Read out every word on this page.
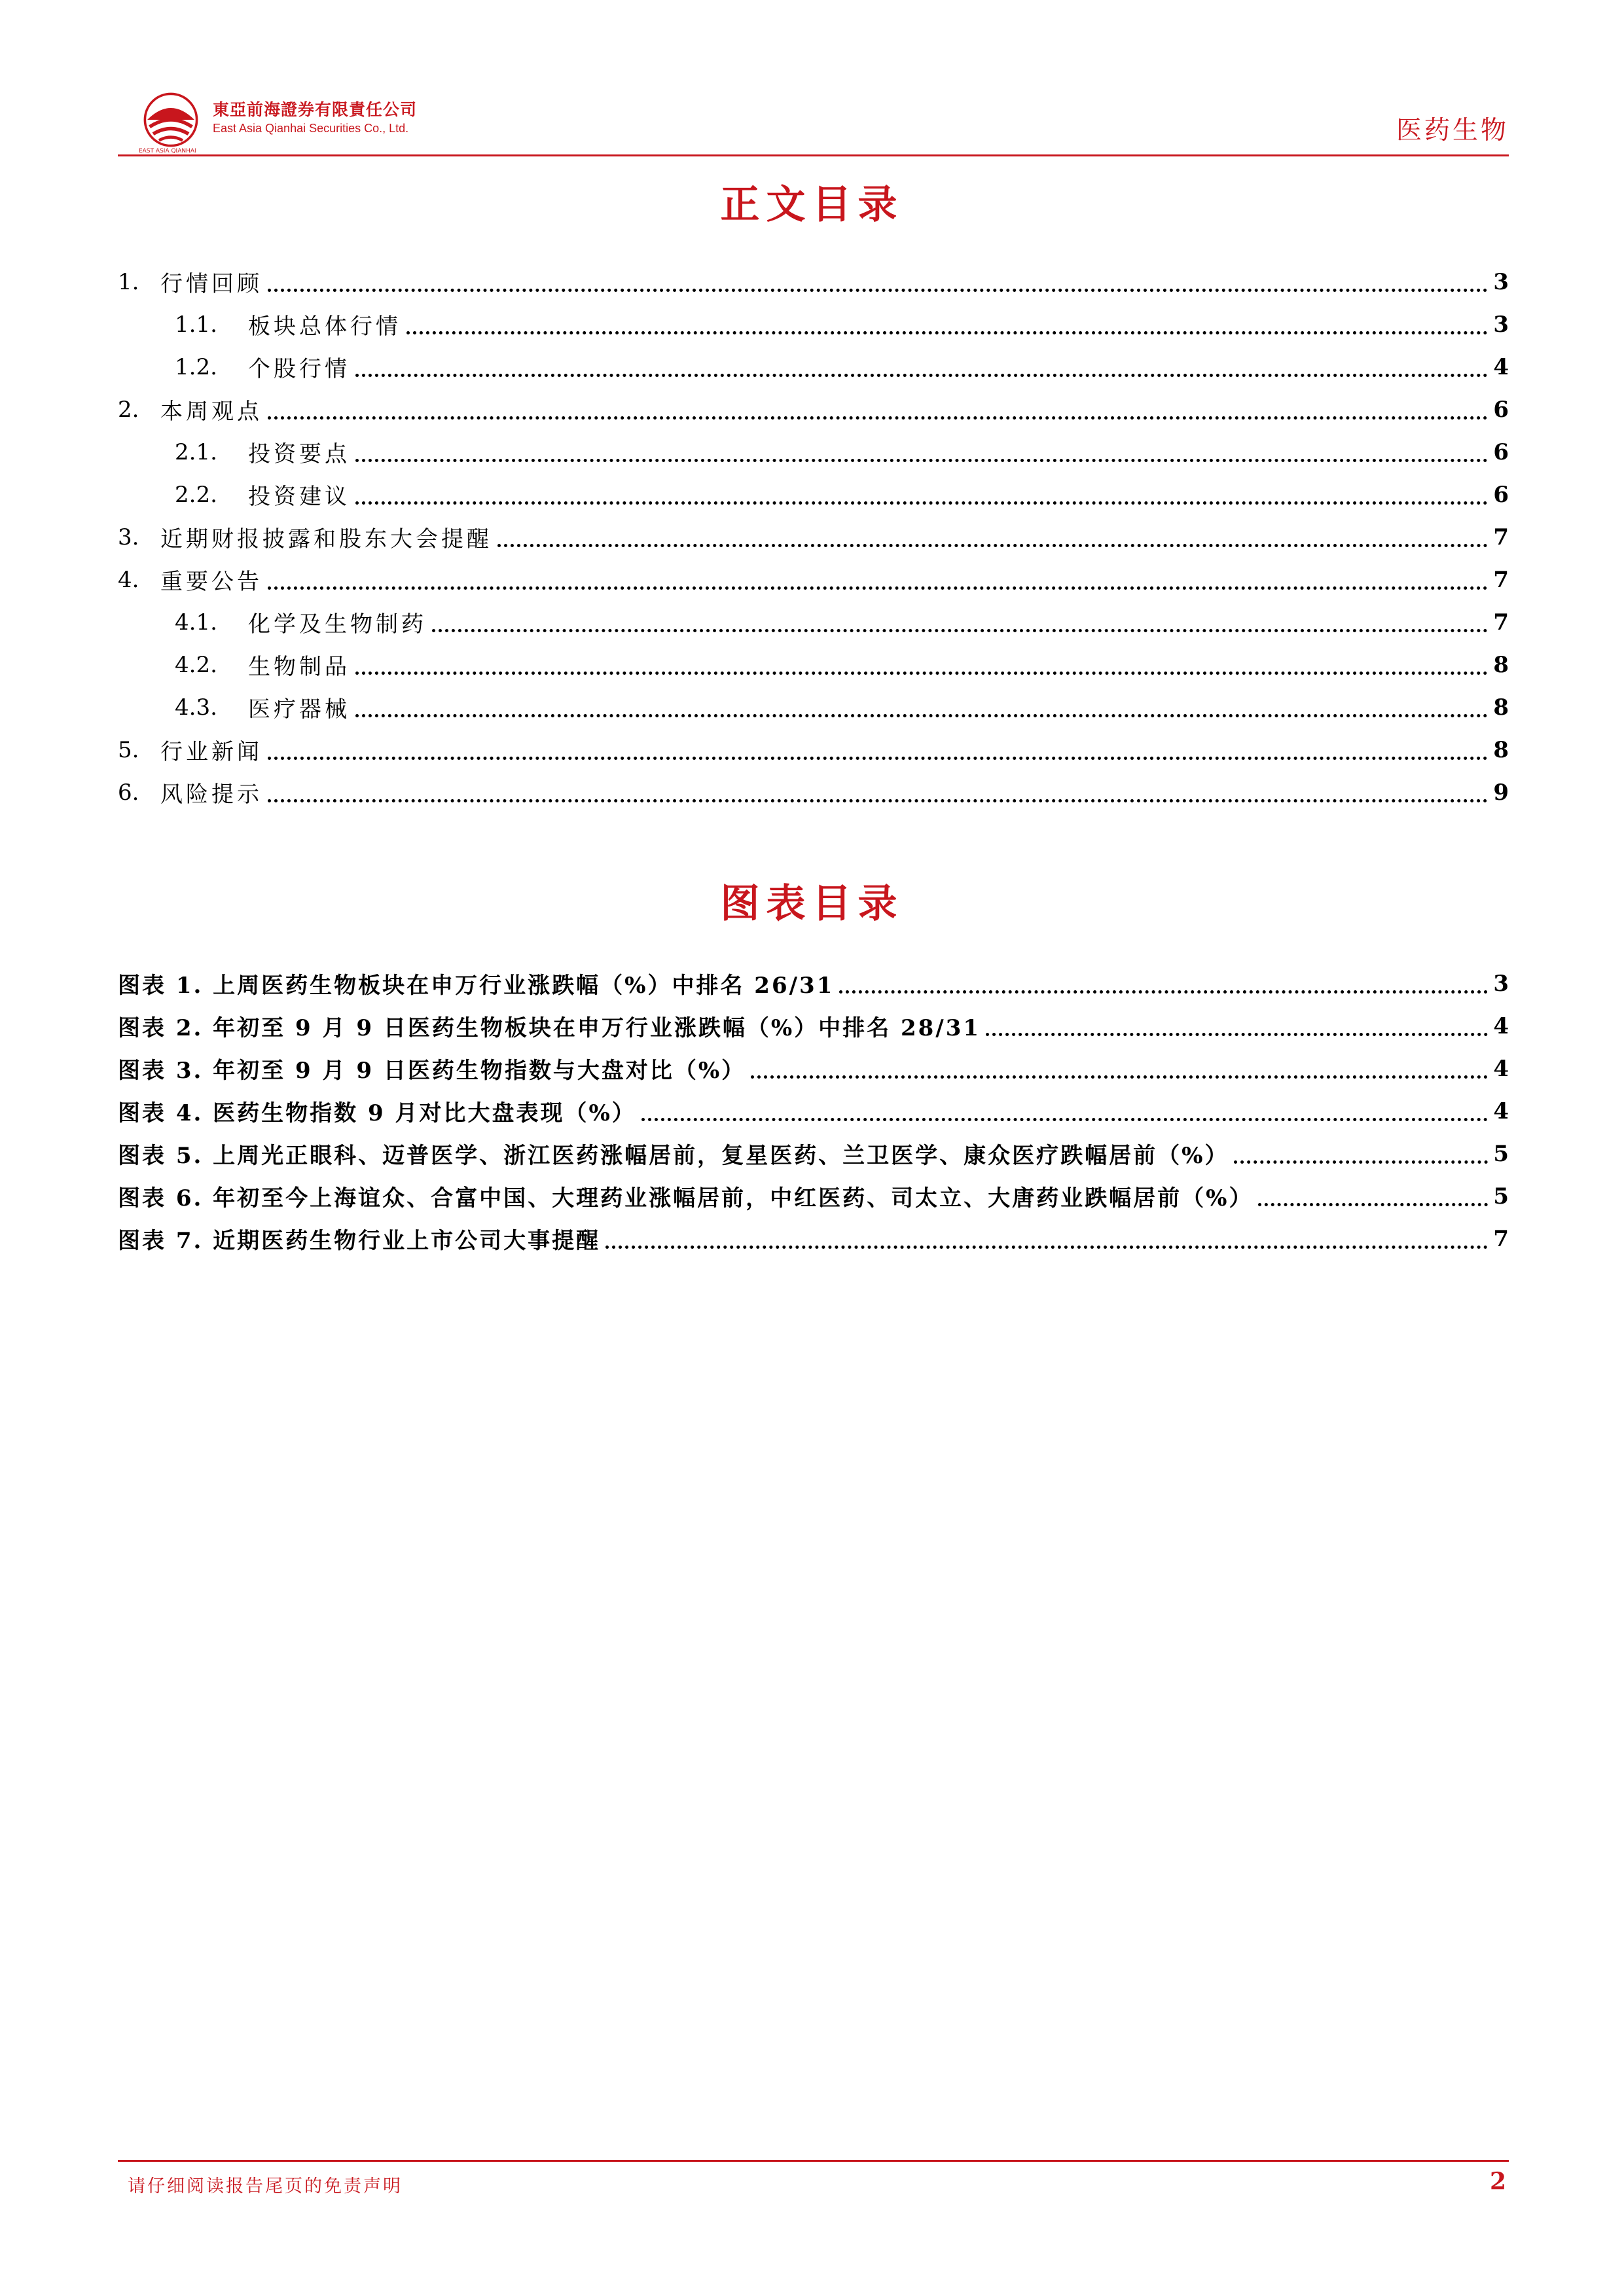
東亞前海證券有限責任公司
East Asia Qianhai Securities Co., Ltd.
EAST ASIA QIANHAI
医药生物
正文目录
1. 行情回顾	3
1.1.	板块总体行情	3
1.2.	个股行情	4
2. 本周观点	6
2.1.	投资要点	6
2.2.	投资建议	6
3. 近期财报披露和股东大会提醒	7
4. 重要公告	7
4.1.	化学及生物制药	7
4.2.	生物制品	8
4.3.	医疗器械	8
5. 行业新闻	8
6. 风险提示	9
图表目录
图表 1. 上周医药生物板块在申万行业涨跌幅（%）中排名 26/31	3
图表 2. 年初至 9 月 9 日医药生物板块在申万行业涨跌幅（%）中排名 28/31	4
图表 3. 年初至 9 月 9 日医药生物指数与大盘对比（%）	4
图表 4. 医药生物指数 9 月对比大盘表现（%）	4
图表 5. 上周光正眼科、迈普医学、浙江医药涨幅居前，复星医药、兰卫医学、康众医疗跌幅居前（%）	5
图表 6. 年初至今上海谊众、合富中国、大理药业涨幅居前，中红医药、司太立、大唐药业跌幅居前（%）	5
图表 7. 近期医药生物行业上市公司大事提醒	7
请仔细阅读报告尾页的免责声明	2
